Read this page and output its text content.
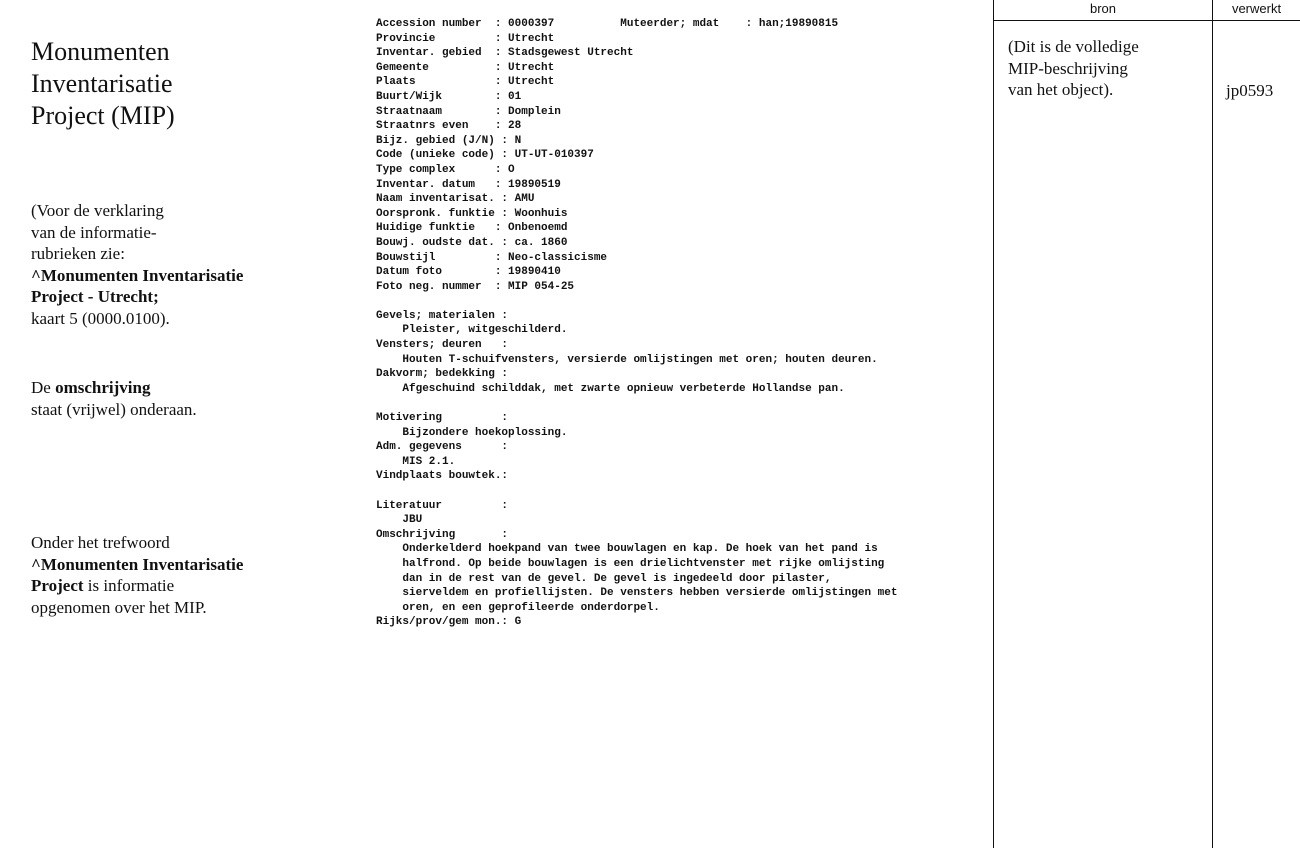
Monumenten
Inventarisatie
Project (MIP)

(Voor de verklaring
van de informatie-
rubrieken zie:
^Monumenten Inventarisatie
Project - Utrecht;
kaart 5 (0000.0100).

De omschrijving
staat (vrijwel) onderaan.

Onder het trefwoord
^Monumenten Inventarisatie
Project is informatie
opgenomen over het MIP.

Accession number  : 0000397          Muteerder; mdat    : han;19890815
Provincie         : Utrecht
Inventar. gebied  : Stadsgewest Utrecht
Gemeente          : Utrecht
Plaats            : Utrecht
Buurt/Wijk        : 01
Straatnaam        : Domplein
Straatnrs even    : 28
Bijz. gebied (J/N) : N
Code (unieke code) : UT-UT-010397
Type complex      : O
Inventar. datum   : 19890519
Naam inventarisat. : AMU
Oorspronk. funktie : Woonhuis
Huidige funktie   : Onbenoemd
Bouwj. oudste dat. : ca. 1860
Bouwstijl         : Neo-classicisme
Datum foto        : 19890410
Foto neg. nummer  : MIP 054-25
Gevels; materialen :
Pleister, witgeschilderd.
Vensters; deuren   :
Houten T-schuifvensters, versierde omlijstingen met oren; houten deuren.
Dakvorm; bedekking :
Afgeschuind schilddak, met zwarte opnieuw verbeterde Hollandse pan.
Motivering         :
Bijzondere hoekoplossing.
Adm. gegevens      :
MIS 2.1.
Vindplaats bouwtek.:
Literatuur         :
JBU
Omschrijving       :
Onderkelderd hoekpand van twee bouwlagen en kap. De hoek van het pand is
halfrond. Op beide bouwlagen is een drielichtvenster met rijke omlijsting
dan in de rest van de gevel. De gevel is ingedeeld door pilaster,
sierveldem en profiellijsten. De vensters hebben versierde omlijstingen met
oren, en een geprofileerde onderdorpel.
Rijks/prov/gem mon.: G
bron	verwerkt

(Dit is de volledige
MIP-beschrijving
van het object).	jp0593
